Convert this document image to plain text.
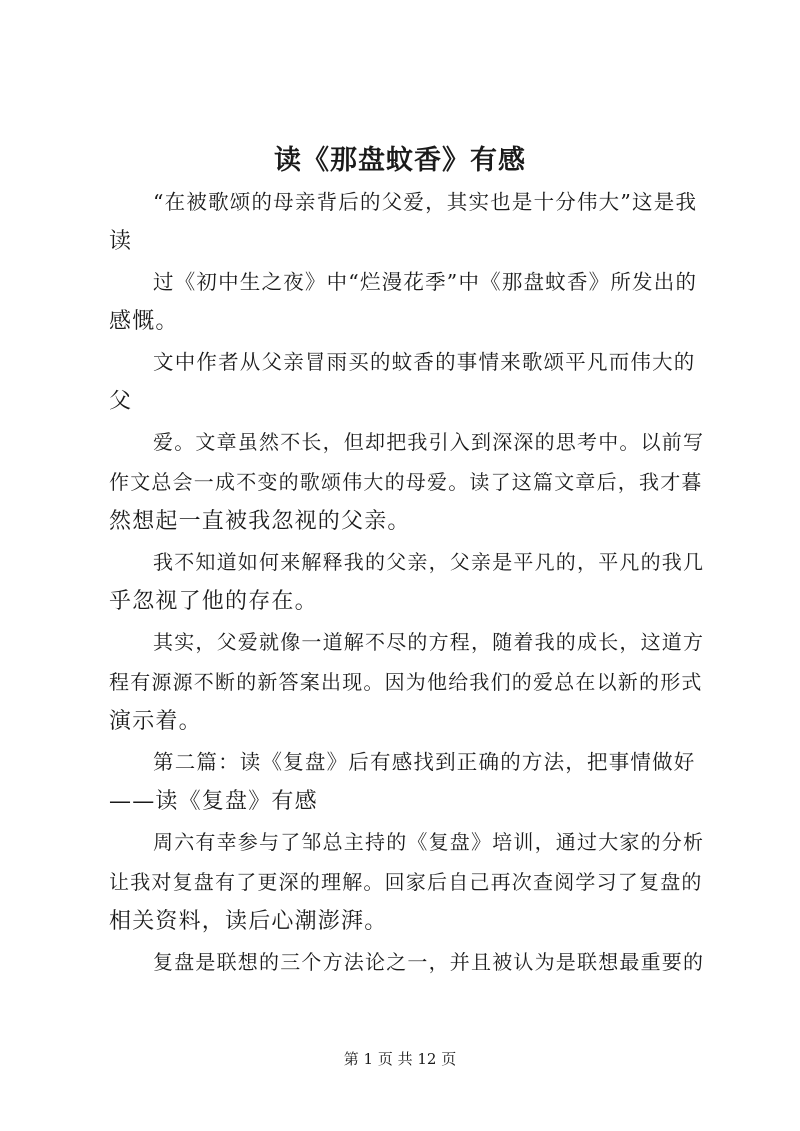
读《那盘蚊香》有感
“在被歌颂的母亲背后的父爱，其实也是十分伟大”这是我
读
过《初中生之夜》中“烂漫花季”中《那盘蚊香》所发出的
感慨。
文中作者从父亲冒雨买的蚊香的事情来歌颂平凡而伟大的
父
爱。文章虽然不长，但却把我引入到深深的思考中。以前写
作文总会一成不变的歌颂伟大的母爱。读了这篇文章后，我才暮
然想起一直被我忽视的父亲。
我不知道如何来解释我的父亲，父亲是平凡的，平凡的我几
乎忽视了他的存在。
其实，父爱就像一道解不尽的方程，随着我的成长，这道方
程有源源不断的新答案出现。因为他给我们的爱总在以新的形式
演示着。
第二篇：读《复盘》后有感找到正确的方法，把事情做好
——读《复盘》有感
周六有幸参与了邹总主持的《复盘》培训，通过大家的分析
让我对复盘有了更深的理解。回家后自己再次查阅学习了复盘的
相关资料，读后心潮澎湃。
复盘是联想的三个方法论之一，并且被认为是联想最重要的
第 1 页 共 12 页
